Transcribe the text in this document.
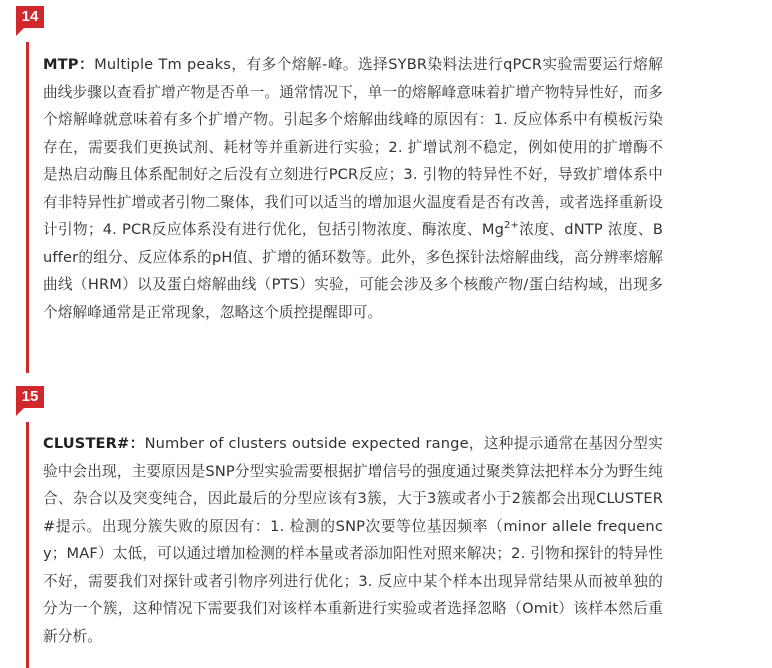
14

MTP：Multiple Tm peaks，有多个熔解-峰。选择SYBR染料法进行qPCR实验需要运行熔解曲线步骤以查看扩增产物是否单一。通常情况下，单一的熔解峰意味着扩增产物特异性好，而多个熔解峰就意味着有多个扩增产物。引起多个熔解曲线峰的原因有：1. 反应体系中有模板污染存在，需要我们更换试剂、耗材等并重新进行实验；2. 扩增试剂不稳定，例如使用的扩增酶不是热启动酶且体系配制好之后没有立刻进行PCR反应；3. 引物的特异性不好，导致扩增体系中有非特异性扩增或者引物二聚体，我们可以适当的增加退火温度看是否有改善，或者选择重新设计引物；4. PCR反应体系没有进行优化，包括引物浓度、酶浓度、$Mg^{2+}$浓度、dNTP 浓度、Buffer的组分、反应体系的pH值、扩增的循环数等。此外，多色探针法熔解曲线，高分辨率熔解曲线（HRM）以及蛋白熔解曲线（PTS）实验，可能会涉及多个核酸产物/蛋白结构域，出现多个熔解峰通常是正常现象，忽略这个质控提醒即可。

15

CLUSTER#：Number of clusters outside expected range，这种提示通常在基因分型实验中会出现，主要原因是SNP分型实验需要根据扩增信号的强度通过聚类算法把样本分为野生纯合、杂合以及突变纯合，因此最后的分型应该有3簇，大于3簇或者小于2簇都会出现CLUSTER#提示。出现分簇失败的原因有：1. 检测的SNP次要等位基因频率（minor allele frequency；MAF）太低，可以通过增加检测的样本量或者添加阳性对照来解决；2. 引物和探针的特异性不好，需要我们对探针或者引物序列进行优化；3. 反应中某个样本出现异常结果从而被单独的分为一个簇，这种情况下需要我们对该样本重新进行实验或者选择忽略（Omit）该样本然后重新分析。
